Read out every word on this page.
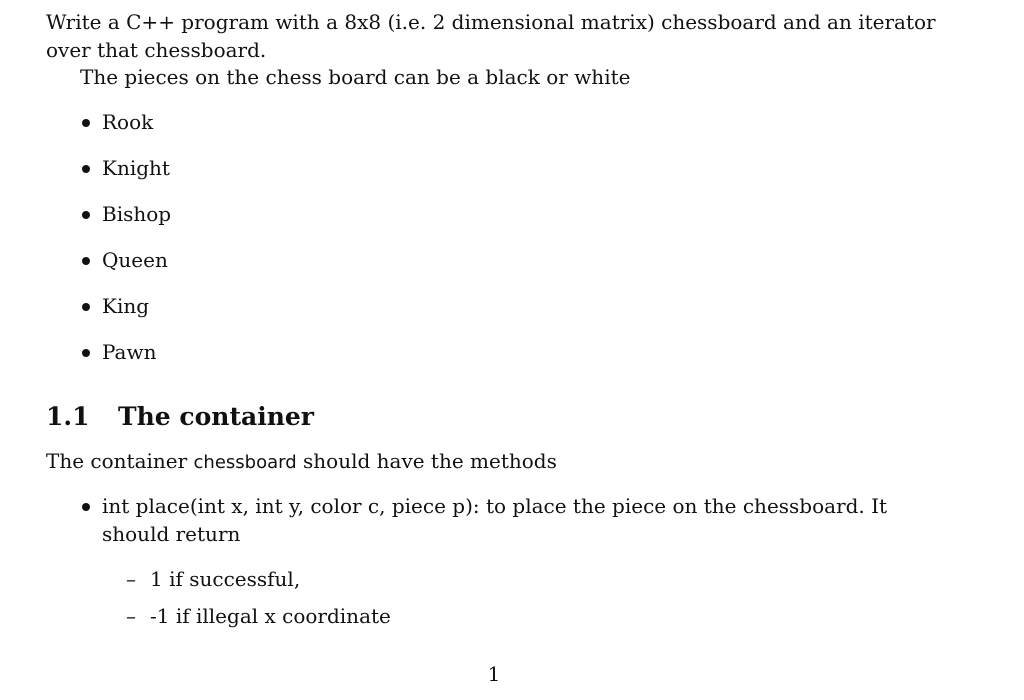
Write a C++ program with a 8x8 (i.e. 2 dimensional matrix) chessboard and an iterator over that chessboard.
The pieces on the chess board can be a black or white
Rook
Knight
Bishop
Queen
King
Pawn
1.1 The container
The container chessboard should have the methods
int place(int x, int y, color c, piece p): to place the piece on the chessboard. It should return
– 1 if successful,
– -1 if illegal x coordinate
1
